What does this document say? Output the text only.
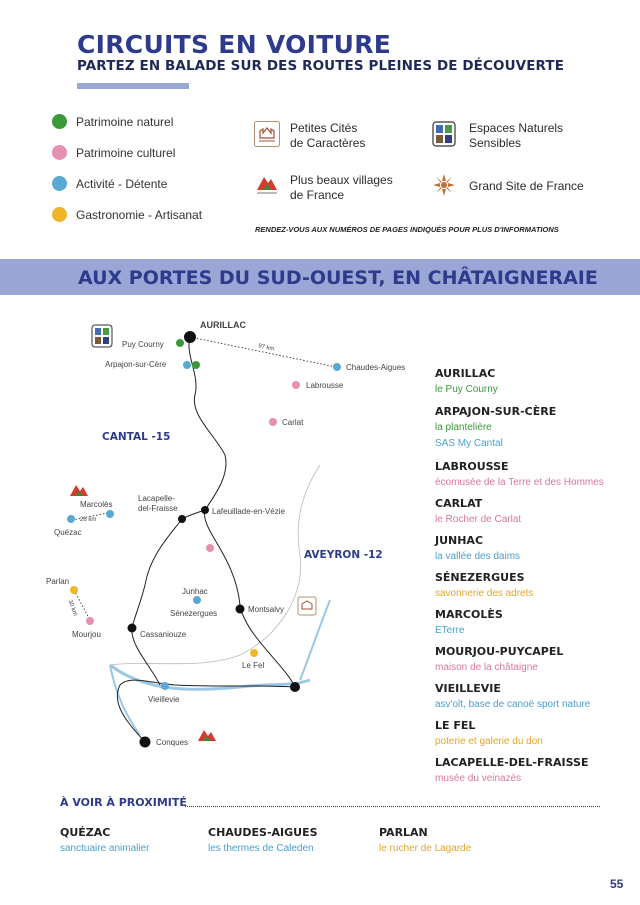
CIRCUITS EN VOITURE
PARTEZ EN BALADE SUR DES ROUTES PLEINES DE DÉCOUVERTE
Patrimoine naturel
Patrimoine culturel
Activité - Détente
Gastronomie - Artisanat
Petites Cités
de Caractères
Plus beaux villages
de France
Espaces Naturels
Sensibles
Grand Site de France
RENDEZ-VOUS AUX NUMÉROS DE PAGES INDIQUÉS POUR PLUS D'INFORMATIONS
AUX PORTES DU SUD-OUEST, EN CHÂTAIGNERAIE
AURILLAC
Puy Courny
Arpajon-sur-Cère
97 km
Chaudes-Aigues
Labrousse
Carlat
CANTAL -15
Lacapelle-
del-Fraisse
Marcolès
Lafeuillade-en-Vézie
26 km
Quézac
AVEYRON -12
Parlan
Junhac
30 km	Montsalvy
Sénezergues
Mourjou	Cassaniouze
Le Fel
Vieillevie
Conques
AURILLAC
le Puy Courny
ARPAJON-SUR-CÈRE
la plantelière
SAS My Cantal
LABROUSSE
écomusée de la Terre et des Hommes
CARLAT
le Rocher de Carlat
JUNHAC
la vallée des daims
SÉNEZERGUES
savonnerie des adrets
MARCOLÈS
ETerre
MOURJOU-PUYCAPEL
maison de la châtaigne
VIEILLEVIE
asv'olt, base de canoë sport nature
LE FEL
poterie et galerie du don
LACAPELLE-DEL-FRAISSE
musée du veinazès
À VOIR À PROXIMITÉ
QUÉZAC
sanctuaire animalier
CHAUDES-AIGUES
les thermes de Caleden
PARLAN
le rucher de Lagarde
55
